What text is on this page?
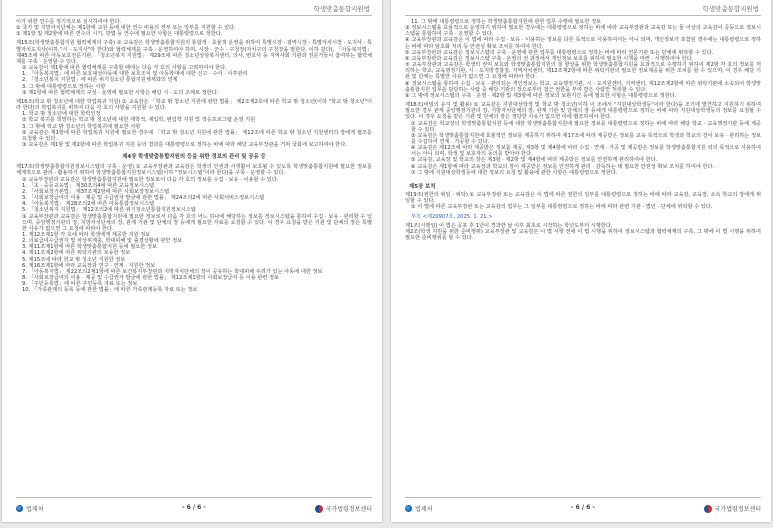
학생맞춤통합지원법

이가 위한 연수를 정기적으로 실시하여야 한다.

② 국가 및 지방자치단체는 제1항에 교원 등에 대한 연수 비용의 전부 또는 일부를 지원할 수 있다.

③ 제1항 및 제2항에 따른 연수의 시기, 방법 등 연수에 필요한 사항은 대통령령으로 정한다.

제15조(학생맞춤통합지원 협력체계의 구축) ① 교육감은 학생맞춤통합지원의 통합적 · 효율적 운영을 위하여 특별시장 · 광역시장 · 특별자치시장 · 도지사 · 특별자치도지사(이하 "시 · 도지사"라 한다)와 협력체계를 구축 · 운영하여야 하며, 시장 · 군수 · 구청장(자치구의 구청장을 말한다. 이하 같다), 「아동복지법」 제45조에 따른 아동보호전문기관, 「청소년복지 지원법」 제29조에 따른 청소년상담복지센터, 의사, 변호사 등 지역사회 기관과 전문가들이 참여하는 협력체계를 구축 · 운영할 수 있다.

② 교육감이 제1항에 따른 협력체계를 구축할 때에는 다음 각 호의 사항을 고려하여야 한다.

1. 「아동복지법」에 따른 보호대상아동에 대한 보호조치 및 아동학대에 대한 신고 · 수사 · 사후관리

2. 「청소년복지 지원법」에 따른 위기청소년 통합지원체계와의 연계

3. 그 밖에 대통령령으로 정하는 사항

③ 제1항에 따른 협력체계의 구성 · 운영에 필요한 사항은 해당 시 · 도의 조례로 정한다.

제16조(학교 밖 청소년에 대한 학업복귀 지원) ① 교육감은 「학교 밖 청소년 지원에 관한 법률」 제2조제2호에 따른 학교 밖 청소년(이하 "학교 밖 청소년"이라 한다)의 학업복귀를 위하여 다음 각 호의 사항을 지원할 수 있다.

1. 학교 밖 청소년에 대한 학력인정

② 학교 복귀를 희망하는 학교 밖 청소년에 대한 재학적, 재입학, 편입학 지원 및 적응프로그램 운영 지원

3. 그 밖에 학교 밖 청소년의 학업복귀에 필요한 사항

② 교육감은 제1항에 따른 학업복귀 지원에 필요한 경우에 「학교 밖 청소년 지원에 관한 법률」 제12조에 따른 학교 밖 청소년 지원센터의 장에게 협조를 요청할 수 있다.

③ 교육감은 제1항 및 제2항에 따른 학업복귀 지원 등의 결과를 대통령령으로 정하는 바에 따라 해당 교육부장관을 거쳐 국회에 보고하여야 한다.

제4장 학생맞춤통합지원의 등을 위한 정보의 관리 및 공유 등

제17조(학생맞춤통합지원정보시스템의 구축 · 운영) ① 교육부장관과 교육감은 학생의 인권과 사생활이 보호될 수 있도록 학생맞춤통합지원에 필요한 정보를 체계적으로 관리 · 활용하기 위하여 학생맞춤통합지원정보시스템(이하 "정보시스템"이라 한다)을 구축 · 운영할 수 있다.

② 교육부장관과 교육감은 학생맞춤통합지원에 필요한 정보로서 다음 각 호의 정보를 수집 · 보유 · 이용할 수 있다.

1. 「초 · 중등교육법」 제30조의4에 따른 교육정보시스템

2. 「사회보장기본법」 제37조제2항에 따른 사회보장정보시스템

3. 「사회보장급여의 이용 · 제공 및 수급권자 발굴에 관한 법률」 제24조의2에 따른 사회서비스정보시스템

4. 「아동복지법」 제28조의2에 따른 아동통합정보시스템

5. 「청소년복지 지원법」 제12조의2에 따른 위기청소년통합지원정보시스템

③ 교육부장관과 교육감은 학생맞춤통합지원에 필요한 정보로서 다음 각 호의 어느 하나에 해당하는 정보를 정보시스템을 통하여 수집 · 보유 · 관리할 수 있으며, 중앙행정기관의 장, 지방자치단체의 장, 관계 기관 및 단체의 장 등에게 필요한 자료를 요청할 수 있다. 이 경우 요청을 받은 기관 및 단체의 장은 특별한 사유가 없으면 그 요청에 따라야 한다.

1. 제12조제1항 각 호에 따라 학생에게 제공한 지원 정보

2. 의료급여수급권자 및 차상위계층, 학대피해 및 출결상황에 관한 정보

3. 제11조제1항에 따른 학생맞춤통합지원 등에 필요한 정보

4. 제11조제2항에 따른 위탁기관의 보유한 정보

5. 제15조에 따라 학교 밖 청소년 지원한 정보

6. 제16조제1항에 따라 교육장과 연구 · 연계 · 지원한 정보

7. 「아동복지법」 제22조의2제1항에 따른 보건복지부장관과 지방자치단체의 장이 공유하는 학대피해 우려가 있는 아동에 대한 정보

8. 「사회보장급여의 이용 · 제공 및 수급권자 발굴에 관한 법률」 제12조제1항의 사회보장급여 등 이용 관련 정보

9. 「주민등록법」에 따른 주민등록 자료 또는 정보

10. 「가족관계의 등록 등에 관한 법률」에 따른 가족관계등록 자료 또는 정보

법제처	- 6 / 6 -	국가법령정보센터
학생맞춤통합지원법

11. 그 밖에 대통령령으로 정하는 학생맞춤통합지원에 관한 업무 수행에 필요한 정보

③ 정보시스템을 효율적으로 운영하기 위하여 필요한 경우에는 대통령령으로 정하는 바에 따라 교육부장관과 교육감 또는 둘 이상의 교육감이 공동으로 정보시스템을 통합하여 구축 · 운영할 수 있다.

④ 교육부장관과 교육감은 이 법에 따라 수집 · 보유 · 이용하는 정보를 다른 목적으로 사용하여서는 아니 되며, 개인정보가 포함된 경우에는 대통령령으로 정하는 바에 따라 암호화 처리 등 안전성 확보 조치를 하여야 한다.

⑤ 교육부장관과 교육감은 정보시스템의 구축 · 운영에 관한 업무를 대통령령으로 정하는 바에 따라 전문기관 또는 단체에 위탁할 수 있다.

⑥ 교육부장관과 교육감은 정보시스템 구축 · 운영의 전 과정에서 개인정보 보호를 위하여 필요한 시책을 마련 · 시행하여야 한다.

⑦ 교육부장관과 교육감은 학생의 권익 보호와 학생맞춤통합지원의 질 향상을 위한 학생맞춤통합지원을 효과적으로 수행하기 위하여 제2항 각 호의 정보를 처리하는 학교, 교육행정기관, 시 · 도지방경찰청, 지역자치센터, 제12조제2항에 따른 위탁기관의 필요한 정보제공을 위한 조치를 할 수 있으며, 이 경우 해당 기관 및 단체는 특별한 사유가 없으면 그 요청에 따라야 한다.

⑧ 정보시스템을 통하여 수집 · 보유 · 관리되는 개인정보는 학교, 교육행정기관, 시 · 도지원센터, 지역센터, 제12조제2항에 따른 위탁기관에 소속되어 학생맞춤통합지원 업무를 담당하는 사람 중 해당 기관의 장으로부터 접근 권한을 부여 받은 사람만 처리할 수 있다.

⑨ 그 밖에 정보시스템의 구축 · 운영 · 제2항 및 제3항에 따른 정보의 보관기간 등에 필요한 사항은 대통령령으로 정한다.

제18조(비밀의 유지 및 활용) ① 교육감은 지원대상학생 및 학교 밖 청소년(이하 이 조에서 "지원대상학생등"이라 한다)을 조기에 발견하고 지원하기 위하여 필요한 경우 관계 중앙행정기관의 장, 지방자치단체의 장, 관계 기관 및 단체의 장 등에게 대통령령으로 정하는 바에 따라 지원대상학생등의 정보를 요청할 수 있다. 이 경우 요청을 받은 기관 및 단체의 장은 정당한 사유가 없으면 이에 협조하여야 한다.

② 교육감은 학교장의 학생맞춤통합지원 등에 대한 학생맞춤통합지원에 필요한 정보를 대통령령으로 정하는 바에 따라 해당 학교 · 교육행정기관 등에 제공할 수 있다.

③ 교육감은 학생맞춤통합지원에 효율적인 정보를 제공하기 위하여 제17조에 따라 제공받은 정보를 교육 목적으로 학생과 학교의 장이 보유 · 관리하는 정보를 수집하여 연계 · 가공할 수 있다.

④ 교육감은 제12조에 따라 제공받은 정보를 제공, 제3항 및 제4항에 따라 수집 · 연계 · 가공 및 제공받은 정보를 학생맞춤통합지원 외의 목적으로 사용하여서는 아니 되며, 학생 및 보호자의 동의를 받아야 한다.

⑤ 교육감, 교육장 및 학교의 장은 제3항 · 제2항 및 제4항에 따라 제공받은 정보를 안전하게 관리하여야 한다.

⑥ 교육감은 제1항에 따라 교육장과 학교의 장이 제공받은 정보를 안전하게 관리 · 감독하는 데 필요한 안전성 확보 조치를 하여야 한다.

⑦ 그 밖에 지원대상학생등에 대한 정보의 요청 및 활용에 관한 사항은 대통령령으로 정한다.

제5장 보칙

제19조(권한의 위임 · 위탁) ① 교육부장관 또는 교육감은 이 법에 따른 권한의 일부를 대통령령으로 정하는 바에 따라 교육감, 교육장, 소속 학교의 장에게 위임할 수 있다.

② 이 법에 따른 교육부장관 또는 교육감의 업무는 그 일부를 대통령령으로 정하는 바에 따라 관련 기관 · 법인 · 단체에 위탁할 수 있다.

부칙 <제20907호, 2025. 1. 21.>

제1조(시행일) 이 법은 공포 후 1년이 경과한 날 이후 최초로 시작하는 학년도부터 시행한다.

제2조(학생 지원을 위한 준비행위) 교육부장관 및 교육감은 이 법 시행 전에 이 법 시행을 위하여 정보시스템과 협력체계의 구축, 그 밖에 이 법 시행을 위하여 필요한 준비행위를 할 수 있다.

법제처	- 6 / 6 -	국가법령정보센터
